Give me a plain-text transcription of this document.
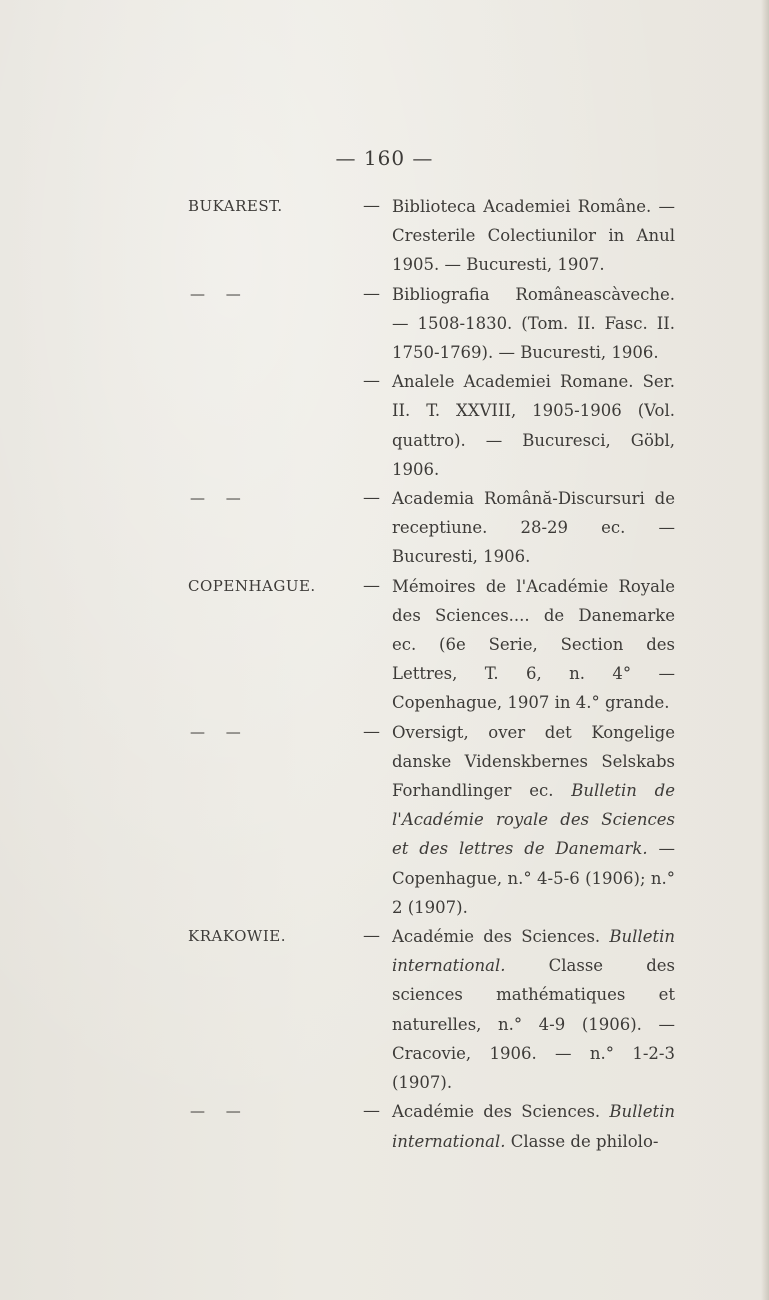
— 160 —
BUKAREST.	— Biblioteca Academiei Române. — Cresterile Colectiunilor in Anul 1905. — Bucuresti, 1907.
— —	— Bibliografia Româneascàveche. — 1508-1830. (Tom. II. Fasc. II. 1750-1769). — Bucuresti, 1906.
— Analele Academiei Romane. Ser. II. T. XXVIII, 1905-1906 (Vol. quattro). — Bucuresci, Göbl, 1906.
— —	— Academia Română-Discursuri de receptiune. 28-29 ec. — Bucuresti, 1906.
COPENHAGUE.	— Mémoires de l'Académie Royale des Sciences.... de Danemarke ec. (6e Serie, Section des Lettres, T. 6, n. 4° — Copenhague, 1907 in 4.° grande.
— —	— Oversigt, over det Kongelige danske Videnskbernes Selskabs Forhandlinger ec. Bulletin de l'Académie royale des Sciences et des lettres de Danemark. — Copenhague, n.° 4-5-6 (1906); n.° 2 (1907).
KRAKOWIE.	— Académie des Sciences. Bulletin international. Classe des sciences mathématiques et naturelles, n.° 4-9 (1906). — Cracovie, 1906. — n.° 1-2-3 (1907).
— —	— Académie des Sciences. Bulletin international. Classe de philolo-
